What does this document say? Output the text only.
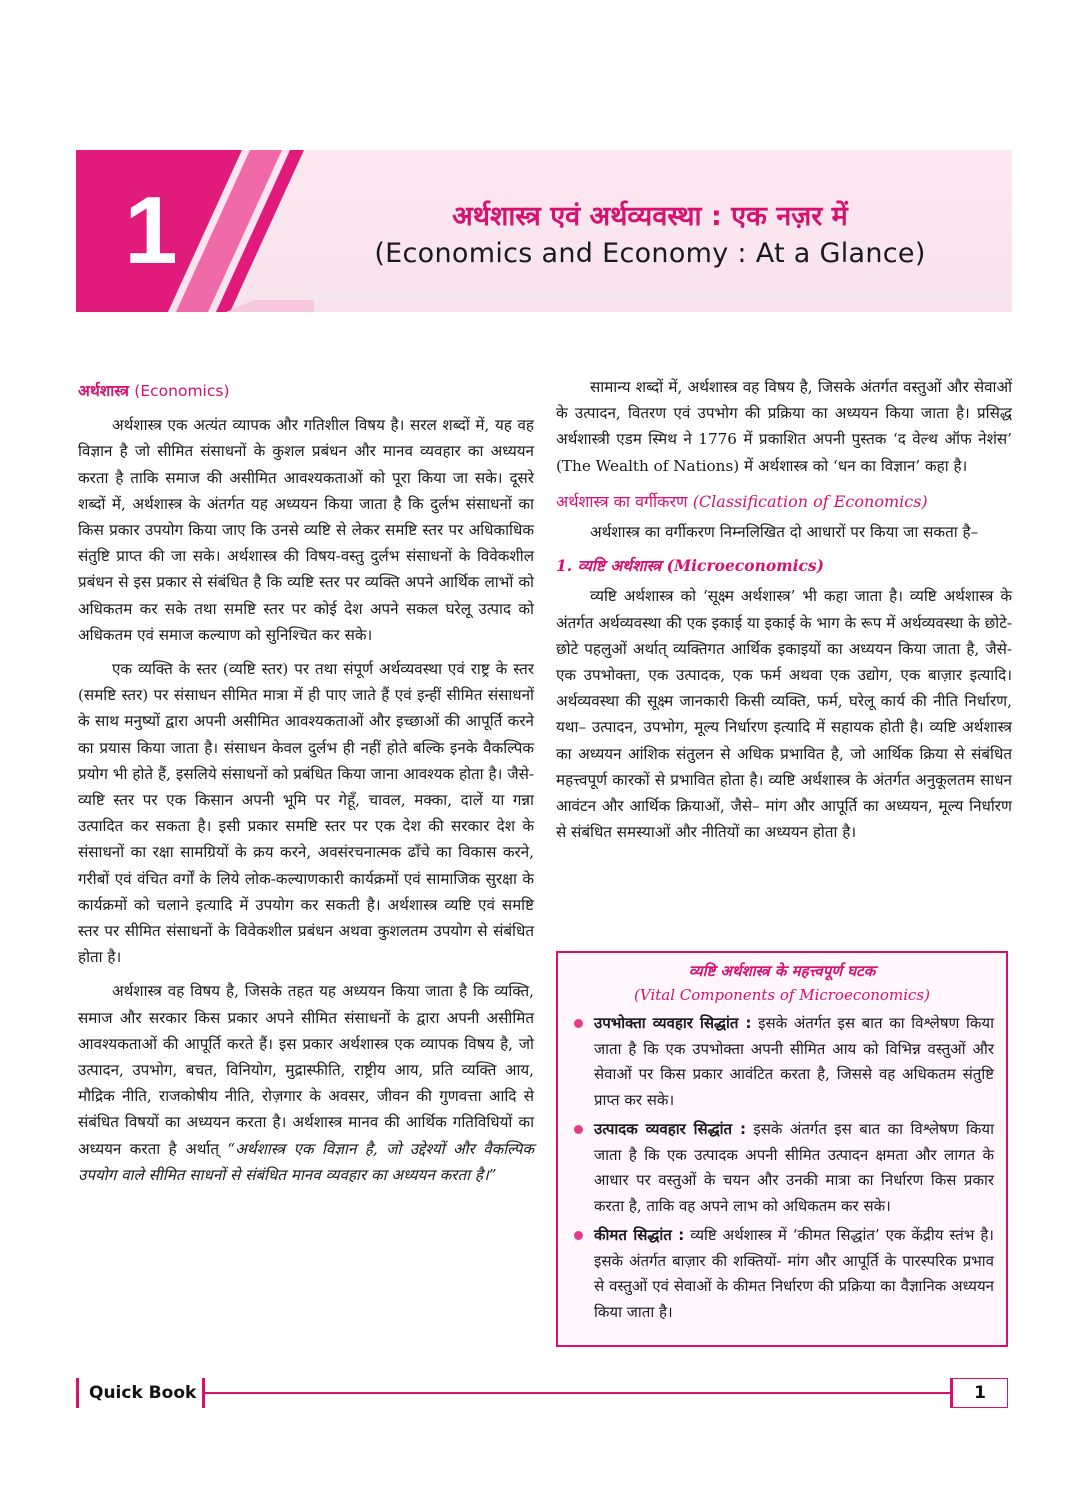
1	अर्थशास्त्र एवं अर्थव्यवस्था : एक नज़र में
(Economics and Economy : At a Glance)
अर्थशास्त्र (Economics)

अर्थशास्त्र एक अत्यंत व्यापक और गतिशील विषय है। सरल शब्दों में, यह वह विज्ञान है जो सीमित संसाधनों के कुशल प्रबंधन और मानव व्यवहार का अध्ययन करता है ताकि समाज की असीमित आवश्यकताओं को पूरा किया जा सके। दूसरे शब्दों में, अर्थशास्त्र के अंतर्गत यह अध्ययन किया जाता है कि दुर्लभ संसाधनों का किस प्रकार उपयोग किया जाए कि उनसे व्यष्टि से लेकर समष्टि स्तर पर अधिकाधिक संतुष्टि प्राप्त की जा सके। अर्थशास्त्र की विषय-वस्तु दुर्लभ संसाधनों के विवेकशील प्रबंधन से इस प्रकार से संबंधित है कि व्यष्टि स्तर पर व्यक्ति अपने आर्थिक लाभों को अधिकतम कर सके तथा समष्टि स्तर पर कोई देश अपने सकल घरेलू उत्पाद को अधिकतम एवं समाज कल्याण को सुनिश्चित कर सके।

एक व्यक्ति के स्तर (व्यष्टि स्तर) पर तथा संपूर्ण अर्थव्यवस्था एवं राष्ट्र के स्तर (समष्टि स्तर) पर संसाधन सीमित मात्रा में ही पाए जाते हैं एवं इन्हीं सीमित संसाधनों के साथ मनुष्यों द्वारा अपनी असीमित आवश्यकताओं और इच्छाओं की आपूर्ति करने का प्रयास किया जाता है। संसाधन केवल दुर्लभ ही नहीं होते बल्कि इनके वैकल्पिक प्रयोग भी होते हैं, इसलिये संसाधनों को प्रबंधित किया जाना आवश्यक होता है। जैसे- व्यष्टि स्तर पर एक किसान अपनी भूमि पर गेहूँ, चावल, मक्का, दालें या गन्ना उत्पादित कर सकता है। इसी प्रकार समष्टि स्तर पर एक देश की सरकार देश के संसाधनों का रक्षा सामग्रियों के क्रय करने, अवसंरचनात्मक ढाँचे का विकास करने, गरीबों एवं वंचित वर्गों के लिये लोक-कल्याणकारी कार्यक्रमों एवं सामाजिक सुरक्षा के कार्यक्रमों को चलाने इत्यादि में उपयोग कर सकती है। अर्थशास्त्र व्यष्टि एवं समष्टि स्तर पर सीमित संसाधनों के विवेकशील प्रबंधन अथवा कुशलतम उपयोग से संबंधित होता है।

अर्थशास्त्र वह विषय है, जिसके तहत यह अध्ययन किया जाता है कि व्यक्ति, समाज और सरकार किस प्रकार अपने सीमित संसाधनों के द्वारा अपनी असीमित आवश्यकताओं की आपूर्ति करते हैं। इस प्रकार अर्थशास्त्र एक व्यापक विषय है, जो उत्पादन, उपभोग, बचत, विनियोग, मुद्रास्फीति, राष्ट्रीय आय, प्रति व्यक्ति आय, मौद्रिक नीति, राजकोषीय नीति, रोज़गार के अवसर, जीवन की गुणवत्ता आदि से संबंधित विषयों का अध्ययन करता है। अर्थशास्त्र मानव की आर्थिक गतिविधियों का अध्ययन करता है अर्थात् “अर्थशास्त्र एक विज्ञान है, जो उद्देश्यों और वैकल्पिक उपयोग वाले सीमित साधनों से संबंधित मानव व्यवहार का अध्ययन करता है।”

सामान्य शब्दों में, अर्थशास्त्र वह विषय है, जिसके अंतर्गत वस्तुओं और सेवाओं के उत्पादन, वितरण एवं उपभोग की प्रक्रिया का अध्ययन किया जाता है। प्रसिद्ध अर्थशास्त्री एडम स्मिथ ने 1776 में प्रकाशित अपनी पुस्तक ‘द वेल्थ ऑफ नेशंस’ (The Wealth of Nations) में अर्थशास्त्र को ‘धन का विज्ञान’ कहा है।

अर्थशास्त्र का वर्गीकरण (Classification of Economics)

अर्थशास्त्र का वर्गीकरण निम्नलिखित दो आधारों पर किया जा सकता है–

1. व्यष्टि अर्थशास्त्र (Microeconomics)

व्यष्टि अर्थशास्त्र को ‘सूक्ष्म अर्थशास्त्र’ भी कहा जाता है। व्यष्टि अर्थशास्त्र के अंतर्गत अर्थव्यवस्था की एक इकाई या इकाई के भाग के रूप में अर्थव्यवस्था के छोटे-छोटे पहलुओं अर्थात् व्यक्तिगत आर्थिक इकाइयों का अध्ययन किया जाता है, जैसे- एक उपभोक्ता, एक उत्पादक, एक फर्म अथवा एक उद्योग, एक बाज़ार इत्यादि। अर्थव्यवस्था की सूक्ष्म जानकारी किसी व्यक्ति, फर्म, घरेलू कार्य की नीति निर्धारण, यथा– उत्पादन, उपभोग, मूल्य निर्धारण इत्यादि में सहायक होती है। व्यष्टि अर्थशास्त्र का अध्ययन आंशिक संतुलन से अधिक प्रभावित है, जो आर्थिक क्रिया से संबंधित महत्त्वपूर्ण कारकों से प्रभावित होता है। व्यष्टि अर्थशास्त्र के अंतर्गत अनुकूलतम साधन आवंटन और आर्थिक क्रियाओं, जैसे– मांग और आपूर्ति का अध्ययन, मूल्य निर्धारण से संबंधित समस्याओं और नीतियों का अध्ययन होता है।

व्यष्टि अर्थशास्त्र के महत्त्वपूर्ण घटक
(Vital Components of Microeconomics)
उपभोक्ता व्यवहार सिद्धांत : इसके अंतर्गत इस बात का विश्लेषण किया जाता है कि एक उपभोक्ता अपनी सीमित आय को विभिन्न वस्तुओं और सेवाओं पर किस प्रकार आवंटित करता है, जिससे वह अधिकतम संतुष्टि प्राप्त कर सके।
उत्पादक व्यवहार सिद्धांत : इसके अंतर्गत इस बात का विश्लेषण किया जाता है कि एक उत्पादक अपनी सीमित उत्पादन क्षमता और लागत के आधार पर वस्तुओं के चयन और उनकी मात्रा का निर्धारण किस प्रकार करता है, ताकि वह अपने लाभ को अधिकतम कर सके।
कीमत सिद्धांत : व्यष्टि अर्थशास्त्र में ‘कीमत सिद्धांत’ एक केंद्रीय स्तंभ है। इसके अंतर्गत बाज़ार की शक्तियों- मांग और आपूर्ति के पारस्परिक प्रभाव से वस्तुओं एवं सेवाओं के कीमत निर्धारण की प्रक्रिया का वैज्ञानिक अध्ययन किया जाता है।
Quick Book	1
